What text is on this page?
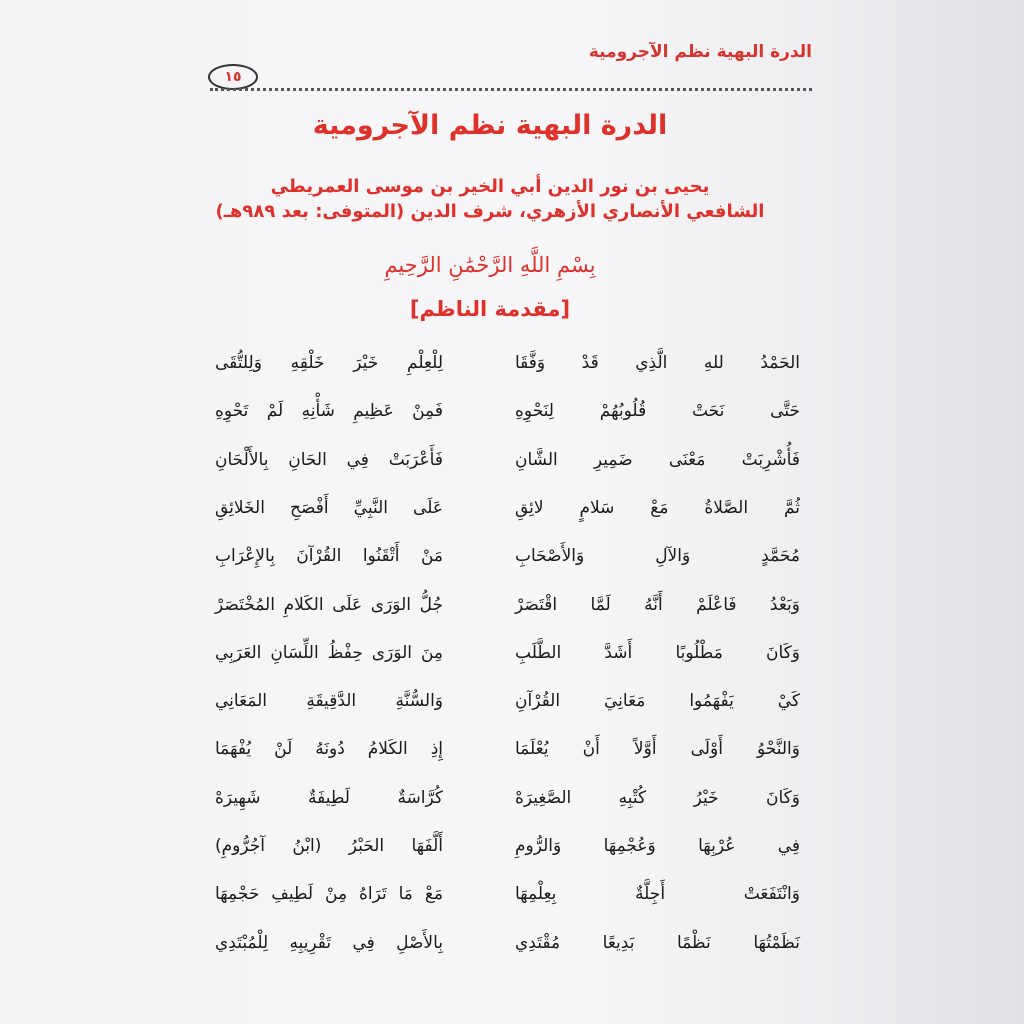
الدرة البهية نظم الآجرومية
١٥
الدرة البهية نظم الآجرومية
يحيى بن نور الدين أبي الخير بن موسى العمريطي
الشافعي الأنصاري الأزهري، شرف الدين (المتوفى: بعد ٩٨٩هـ)
بِسْمِ اللَّهِ الرَّحْمَٰنِ الرَّحِيمِ
[مقدمة الناظم]
الحَمْدُ للهِ الَّذِي قَدْ وَفَّقَا
لِلْعِلْمِ خَيْرَ خَلْقِهِ وَلِلتُّقَى
حَتَّى نَحَتْ قُلُوبُهُمْ لِنَحْوِهِ
فَمِنْ عَظِيمِ شَأْنِهِ لَمْ تَحْوِهِ
فَأُشْرِبَتْ مَعْنَى ضَمِيرِ الشَّانِ
فَأَعْرَبَتْ فِي الحَانِ بِالأَلْحَانِ
ثُمَّ الصَّلاةُ مَعْ سَلامٍ لائِقِ
عَلَى النَّبِيِّ أَفْصَحِ الخَلائِقِ
مُحَمَّدٍ وَالآلِ وَالأَصْحَابِ
مَنْ أَتْقَنُوا القُرْآنَ بِالإِعْرَابِ
وَبَعْدُ فَاعْلَمْ أَنَّهُ لَمَّا اقْتَصَرْ
جُلُّ الوَرَى عَلَى الكَلامِ المُخْتَصَرْ
وَكَانَ مَطْلُوبًا أَشَدَّ الطَّلَبِ
مِنَ الوَرَى حِفْظُ اللِّسَانِ العَرَبِي
كَيْ يَفْهَمُوا مَعَانِيَ القُرْآنِ
وَالسُّنَّةِ الدَّقِيقَةِ المَعَانِي
وَالنَّحْوُ أَوْلَى أَوَّلاً أَنْ يُعْلَمَا
إِذِ الكَلامُ دُونَهُ لَنْ يُفْهَمَا
وَكَانَ خَيْرُ كُتْبِهِ الصَّغِيرَهْ
كُرَّاسَةٌ لَطِيفَةٌ شَهِيرَهْ
فِي عُرْبِهَا وَعُجْمِهَا وَالرُّومِ
أَلَّفَهَا الحَبْرُ (ابْنُ آجُرُّومِ)
وَانْتَفَعَتْ أَجِلَّةٌ بِعِلْمِهَا
مَعْ مَا تَرَاهُ مِنْ لَطِيفِ حَجْمِهَا
نَظَمْتُهَا نَظْمًا بَدِيعًا مُقْتَدِي
بِالأَصْلِ فِي تَقْرِيبِهِ لِلْمُبْتَدِي
